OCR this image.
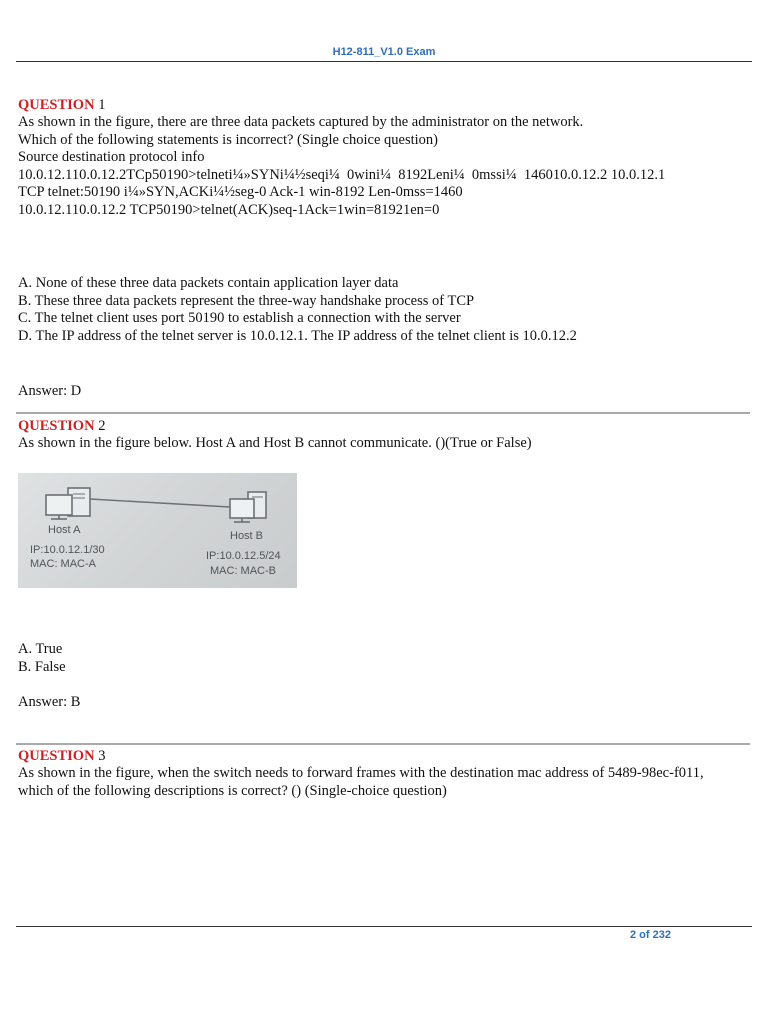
H12-811_V1.0 Exam
QUESTION 1
As shown in the figure, there are three data packets captured by the administrator on the network.
Which of the following statements is incorrect? (Single choice question)
Source destination protocol info
10.0.12.110.0.12.2TCp50190>telneti¼»SYNi¼½seqi¼  0wini¼  8192Leni¼  0mssi¼  146010.0.12.2 10.0.12.1
TCP telnet:50190 i¼»SYN,ACKi¼½seg-0 Ack-1 win-8192 Len-0mss=1460
10.0.12.110.0.12.2 TCP50190>telnet(ACK)seq-1Ack=1win=81921en=0
A. None of these three data packets contain application layer data
B. These three data packets represent the three-way handshake process of TCP
C. The telnet client uses port 50190 to establish a connection with the server
D. The IP address of the telnet server is 10.0.12.1. The IP address of the telnet client is 10.0.12.2
Answer: D
QUESTION 2
As shown in the figure below. Host A and Host B cannot communicate. ()(True or False)
Host A
IP:10.0.12.1/30
MAC: MAC-A
Host B
IP:10.0.12.5/24
MAC: MAC-B
A. True
B. False
Answer: B
QUESTION 3
As shown in the figure, when the switch needs to forward frames with the destination mac address of 5489-98ec-f011,
which of the following descriptions is correct? () (Single-choice question)
2 of 232
